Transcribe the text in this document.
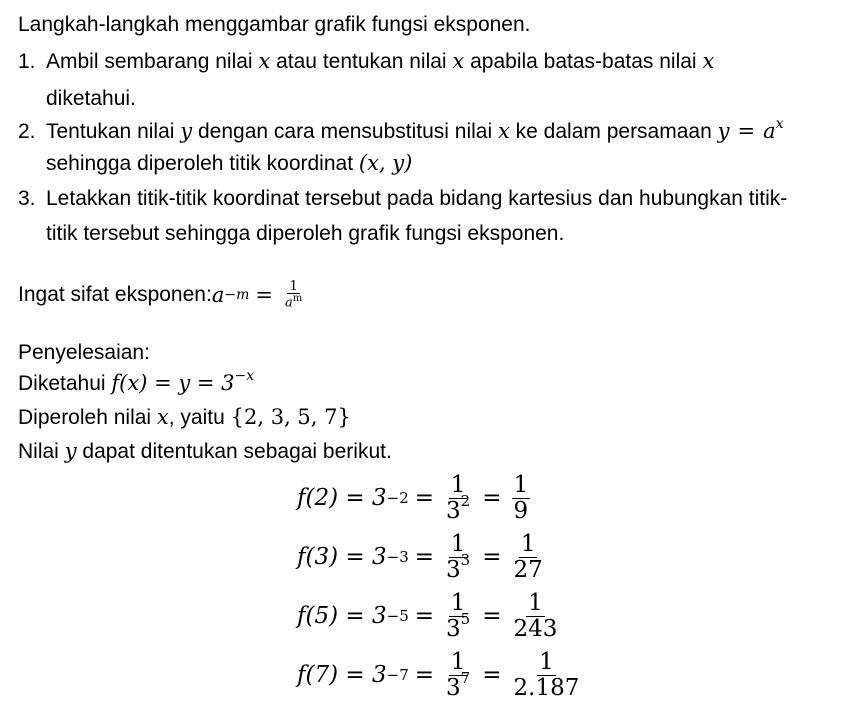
Langkah-langkah menggambar grafik fungsi eksponen.
1. Ambil sembarang nilai x atau tentukan nilai x apabila batas-batas nilai x
diketahui.
2. Tentukan nilai y dengan cara mensubstitusi nilai x ke dalam persamaan $y = a^x$
sehingga diperoleh titik koordinat (x, y)
3. Letakkan titik-titik koordinat tersebut pada bidang kartesius dan hubungkan titik-
titik tersebut sehingga diperoleh grafik fungsi eksponen.
Ingat sifat eksponen: $a -m = \frac{1}{a^m}$
Penyelesaian:
Diketahui $f(x) = y = 3^{-x}$
Diperoleh nilai x, yaitu {2, 3, 5, 7}
Nilai y dapat ditentukan sebagai berikut.
$f(2) = 3 -2 = \frac{1}{3^2} = \frac{1}{9}$
$f(3) = 3 -3 = \frac{1}{3^3} = \frac{1}{27}$
$f(5) = 3 -5 = \frac{1}{3^5} = \frac{1}{243}$
$f(7) = 3 -7 = \frac{1}{3^7} = \frac{1}{2.187}$
